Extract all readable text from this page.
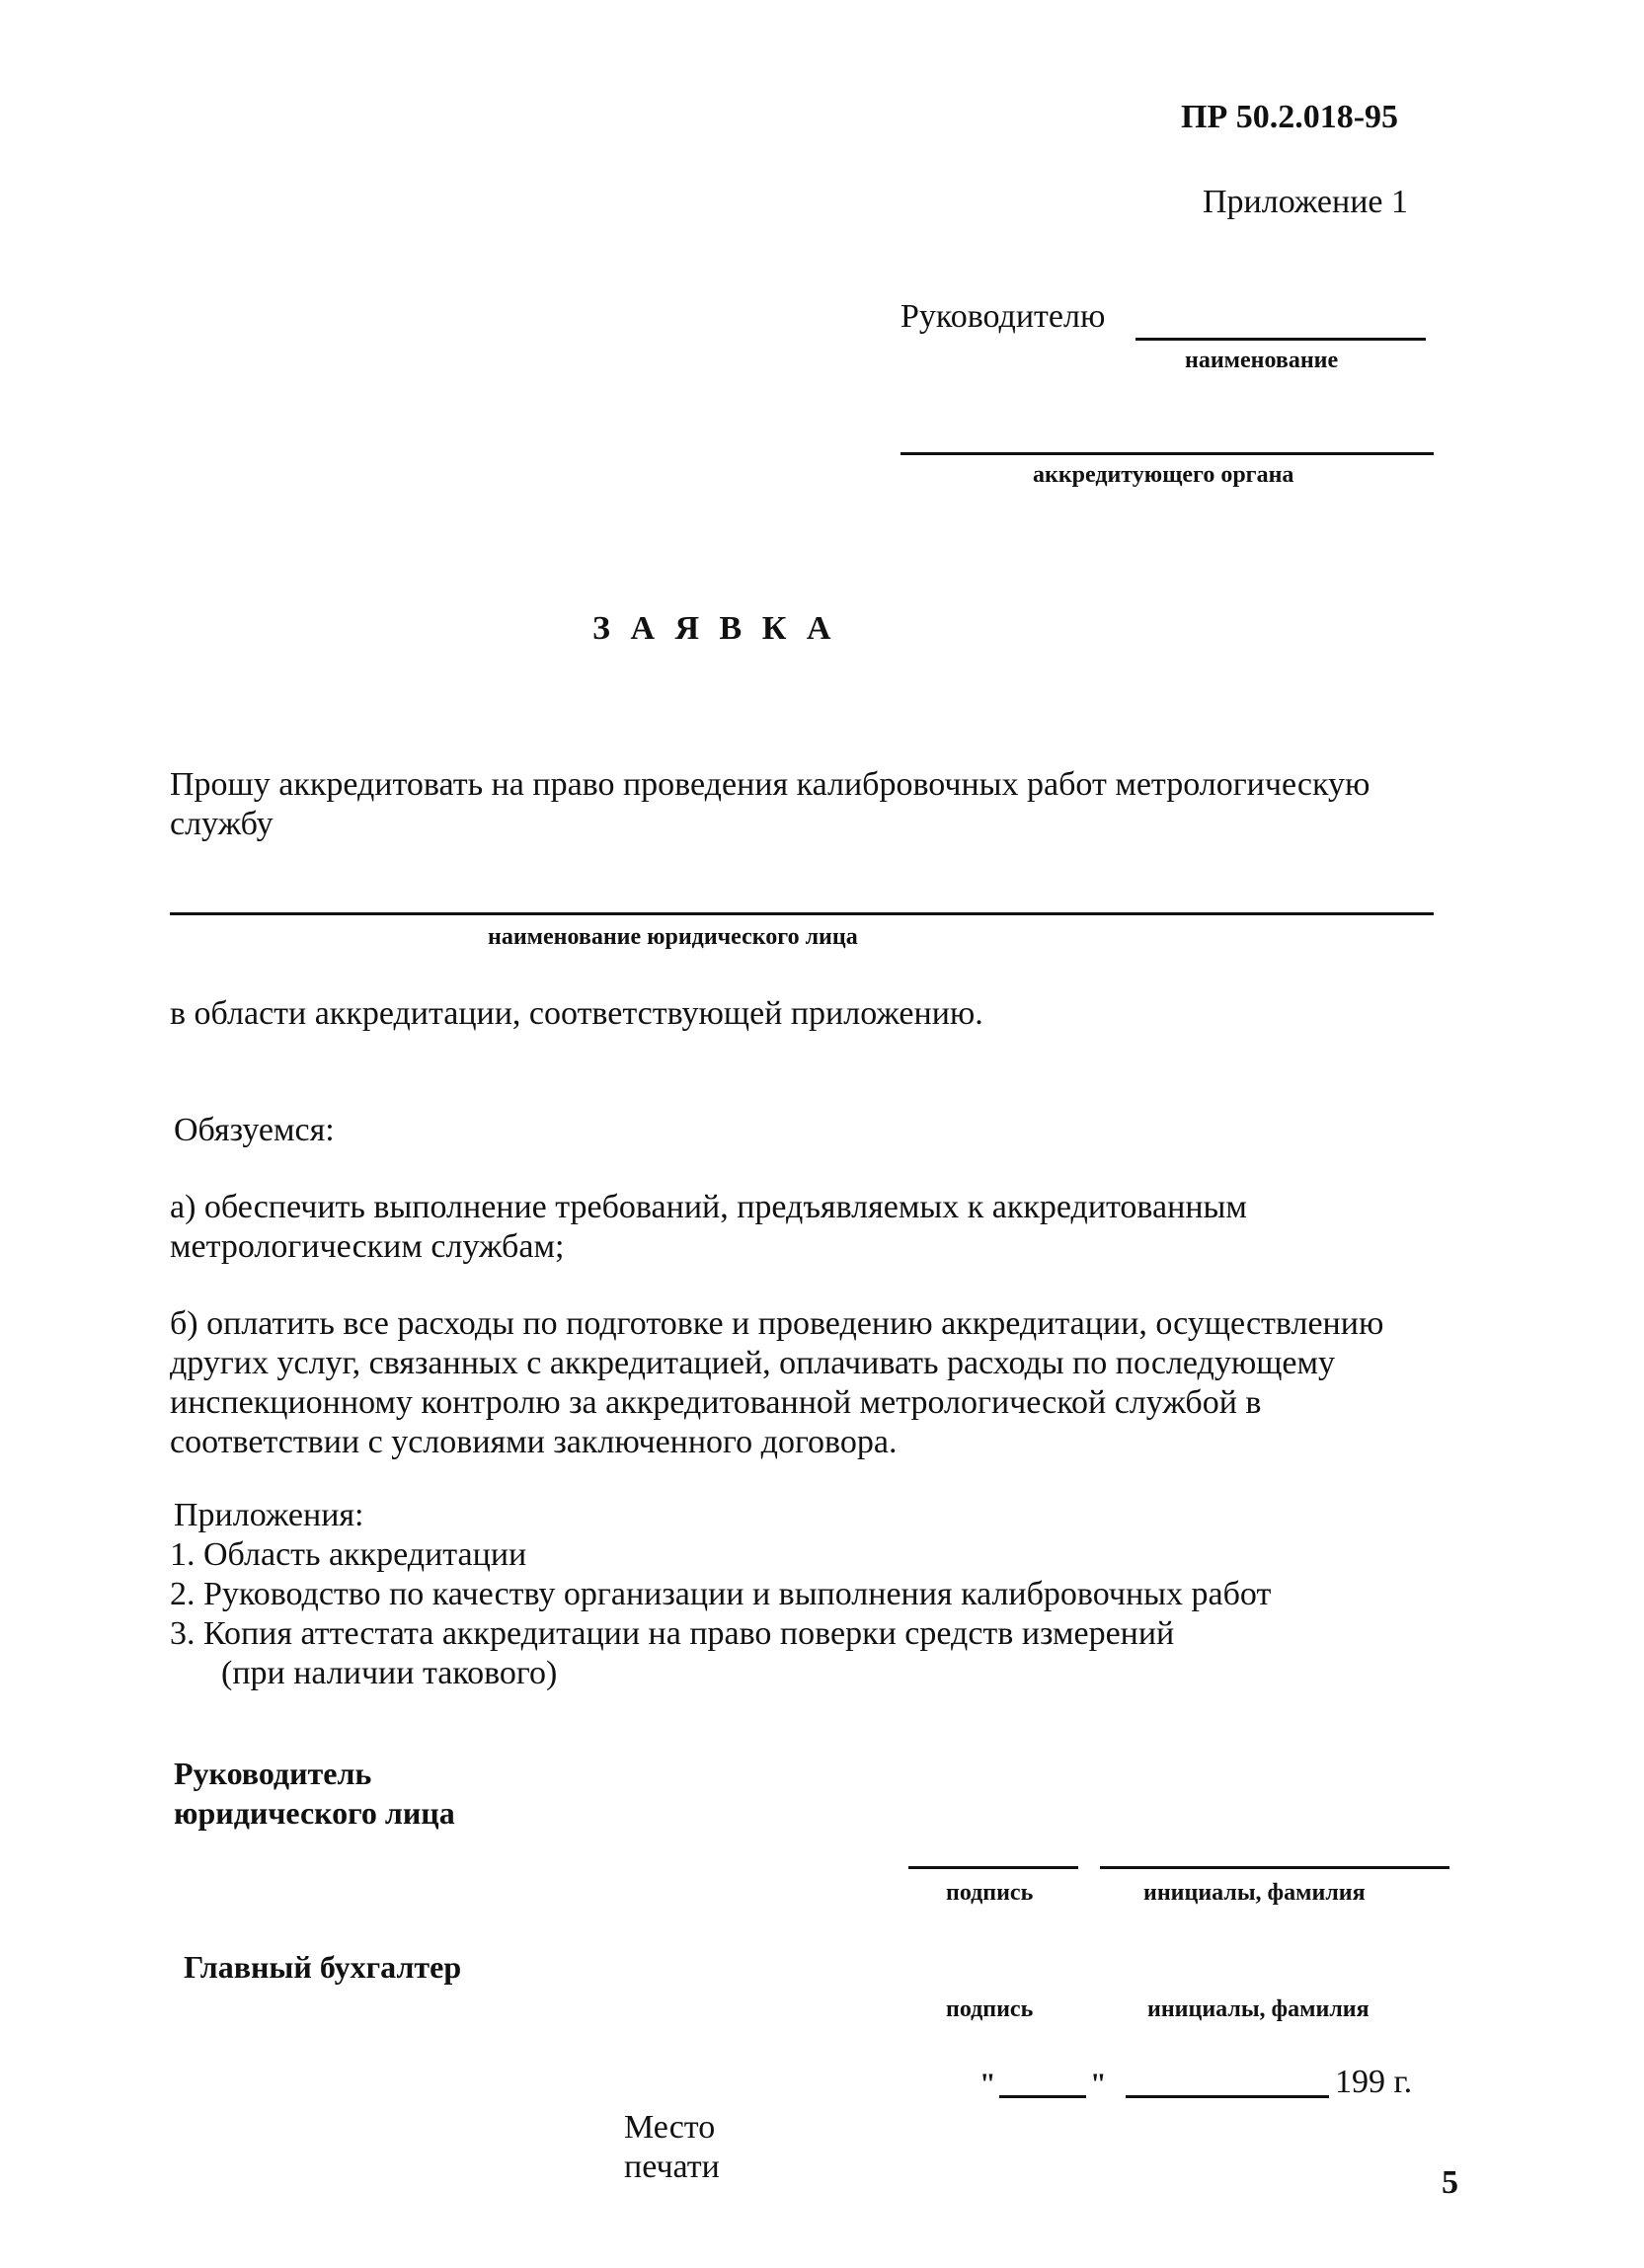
ПР 50.2.018-95
Приложение 1
Руководителю
наименование
аккредитующего органа
З А Я В К А
Прошу аккредитовать на право проведения калибровочных работ метрологическую
службу
наименование юридического лица
в области аккредитации, соответствующей приложению.
Обязуемся:
а) обеспечить выполнение требований, предъявляемых к аккредитованным
метрологическим службам;
б) оплатить все расходы по подготовке и проведению аккредитации, осуществлению
других услуг, связанных с аккредитацией, оплачивать расходы по последующему
инспекционному контролю за аккредитованной метрологической службой в
соответствии с условиями заключенного договора.
Приложения:
1. Область аккредитации
2. Руководство по качеству организации и выполнения калибровочных работ
3. Копия аттестата аккредитации на право поверки средств измерений
(при наличии такового)
Руководитель
юридического лица
подпись	инициалы, фамилия
Главный бухгалтер
подпись	инициалы, фамилия
"	"	199 г.
Место
печати	5
